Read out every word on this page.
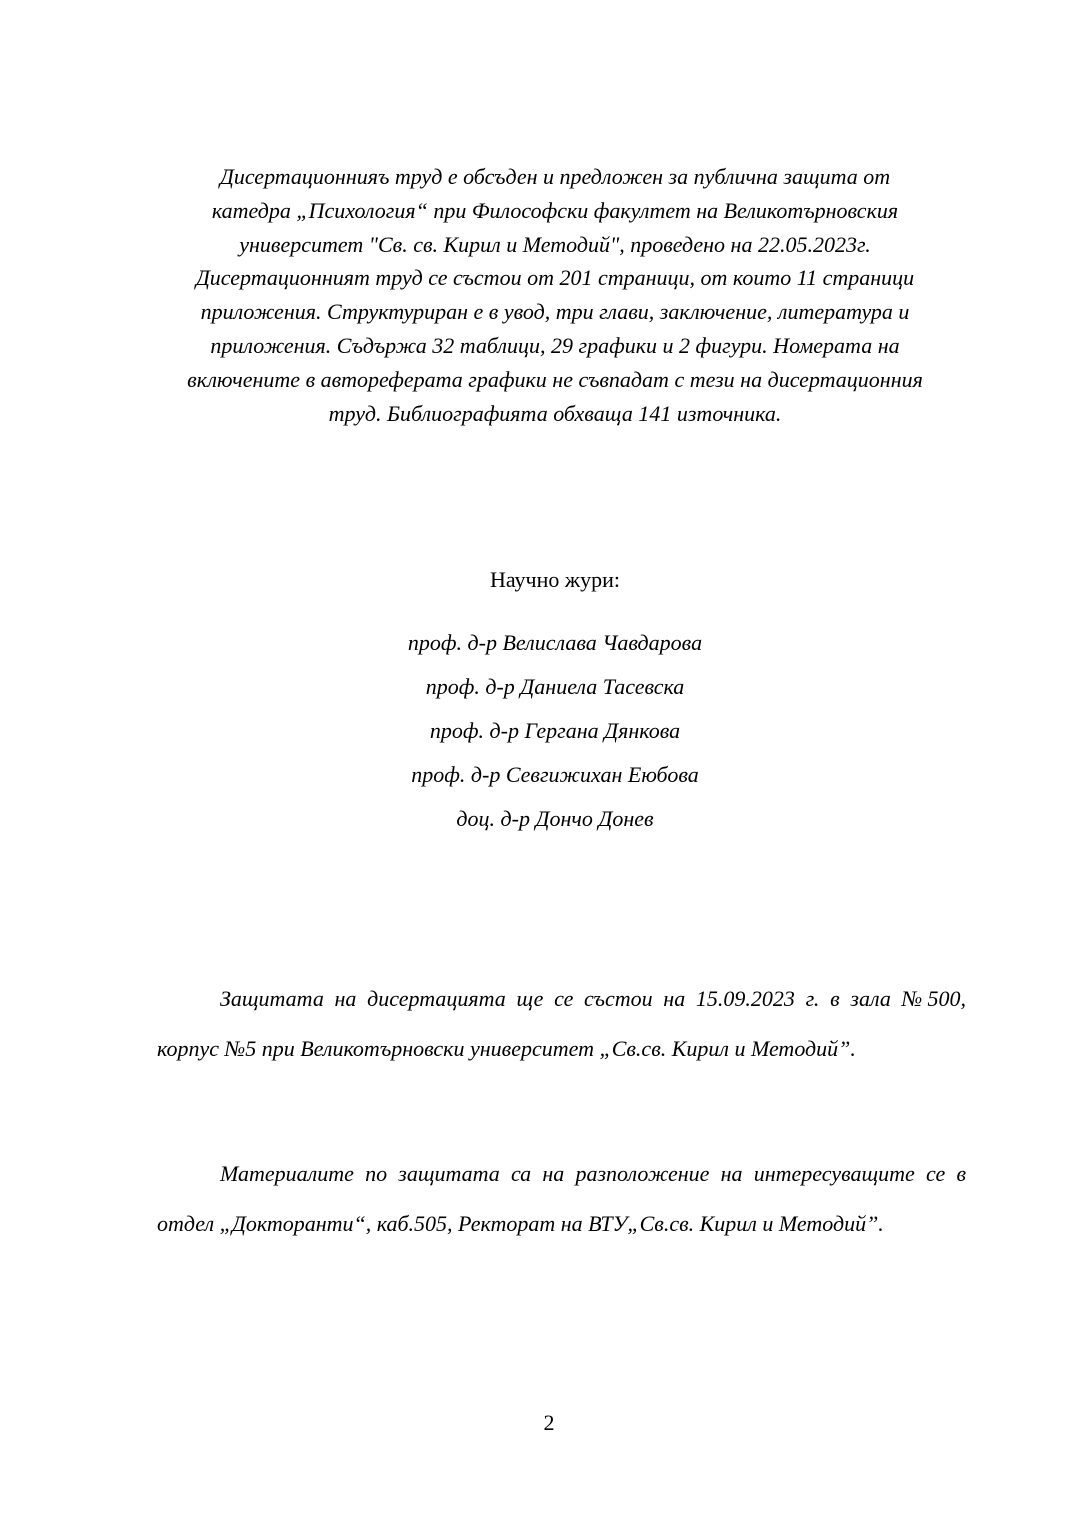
Дисертационнияъ труд е обсъден и предложен за публична защита от
катедра „Психология“ при Философски факултет на Великотърновския
университет "Св. св. Кирил и Методий", проведено на 22.05.2023г.
Дисертационният труд се състои от 201 страници, от които 11 страници
приложения. Структуриран е в увод, три глави, заключение, литература и
приложения. Съдържа 32 таблици, 29 графики и 2 фигури. Номерата на
включените в автореферата графики не съвпадат с тези на дисертационния
труд. Библиографията обхваща 141 източника.

Научно жури:

проф. д-р Велислава Чавдарова
проф. д-р Даниела Тасевска
проф. д-р Гергана Дянкова
проф. д-р Севгижихан Еюбова
доц. д-р Дончо Донев

Защитата на дисертацията ще се състои на 15.09.2023 г. в зала №500, корпус №5 при Великотърновски университет „Св.св. Кирил и Методий”.

Материалите по защитата са на разположение на интересуващите се в отдел „Докторанти“, каб.505, Ректорат на ВТУ„Св.св. Кирил и Методий”.

2
